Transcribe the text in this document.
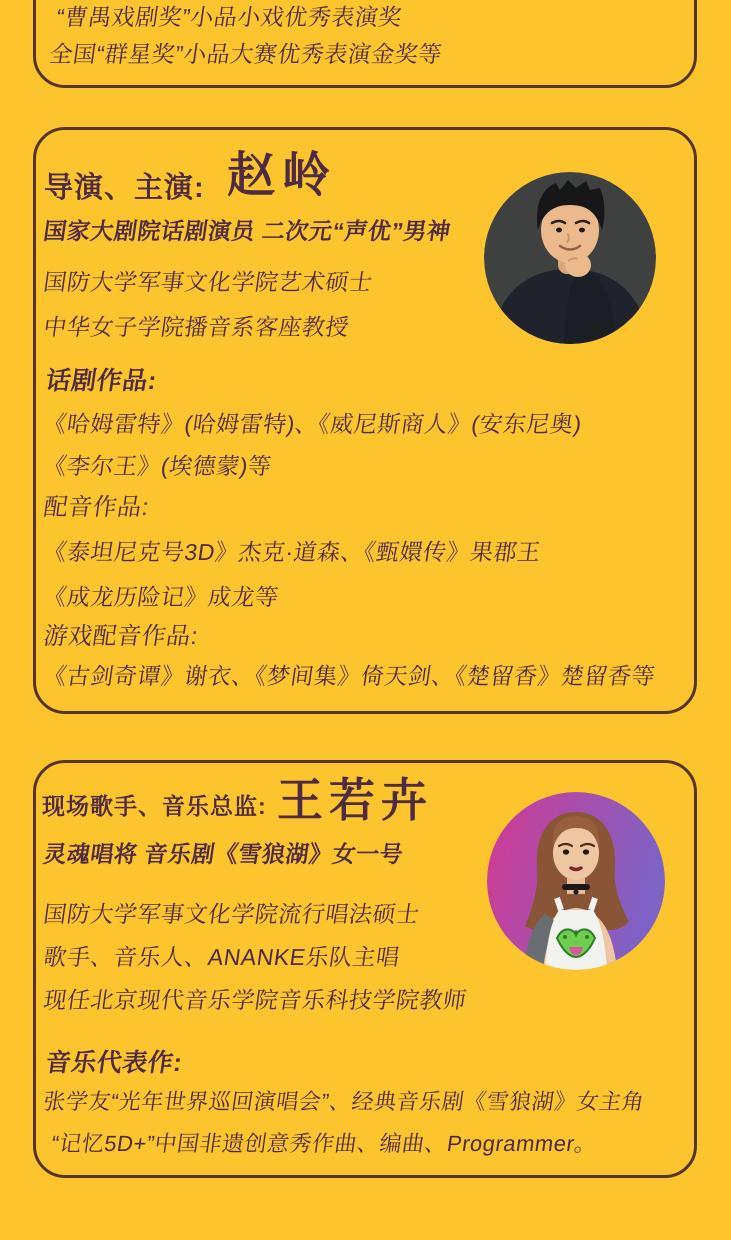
“曹禺戏剧奖”小品小戏优秀表演奖

全国“群星奖”小品大赛优秀表演金奖等

导演、主演: 赵岭

国家大剧院话剧演员 二次元“声优”男神

国防大学军事文化学院艺术硕士

中华女子学院播音系客座教授

话剧作品:

《哈姆雷特》(哈姆雷特)、《威尼斯商人》(安东尼奥)

《李尔王》(埃德蒙)等

配音作品:

《泰坦尼克号3D》杰克·道森、《甄嬛传》果郡王

《成龙历险记》成龙等

游戏配音作品:

《古剑奇谭》谢衣、《梦间集》倚天剑、《楚留香》楚留香等

现场歌手、音乐总监: 王若卉

灵魂唱将 音乐剧《雪狼湖》女一号

国防大学军事文化学院流行唱法硕士

歌手、音乐人、ANANKE乐队主唱

现任北京现代音乐学院音乐科技学院教师

音乐代表作:

张学友“光年世界巡回演唱会”、经典音乐剧《雪狼湖》女主角

“记忆5D+”中国非遗创意秀作曲、编曲、Programmer。
